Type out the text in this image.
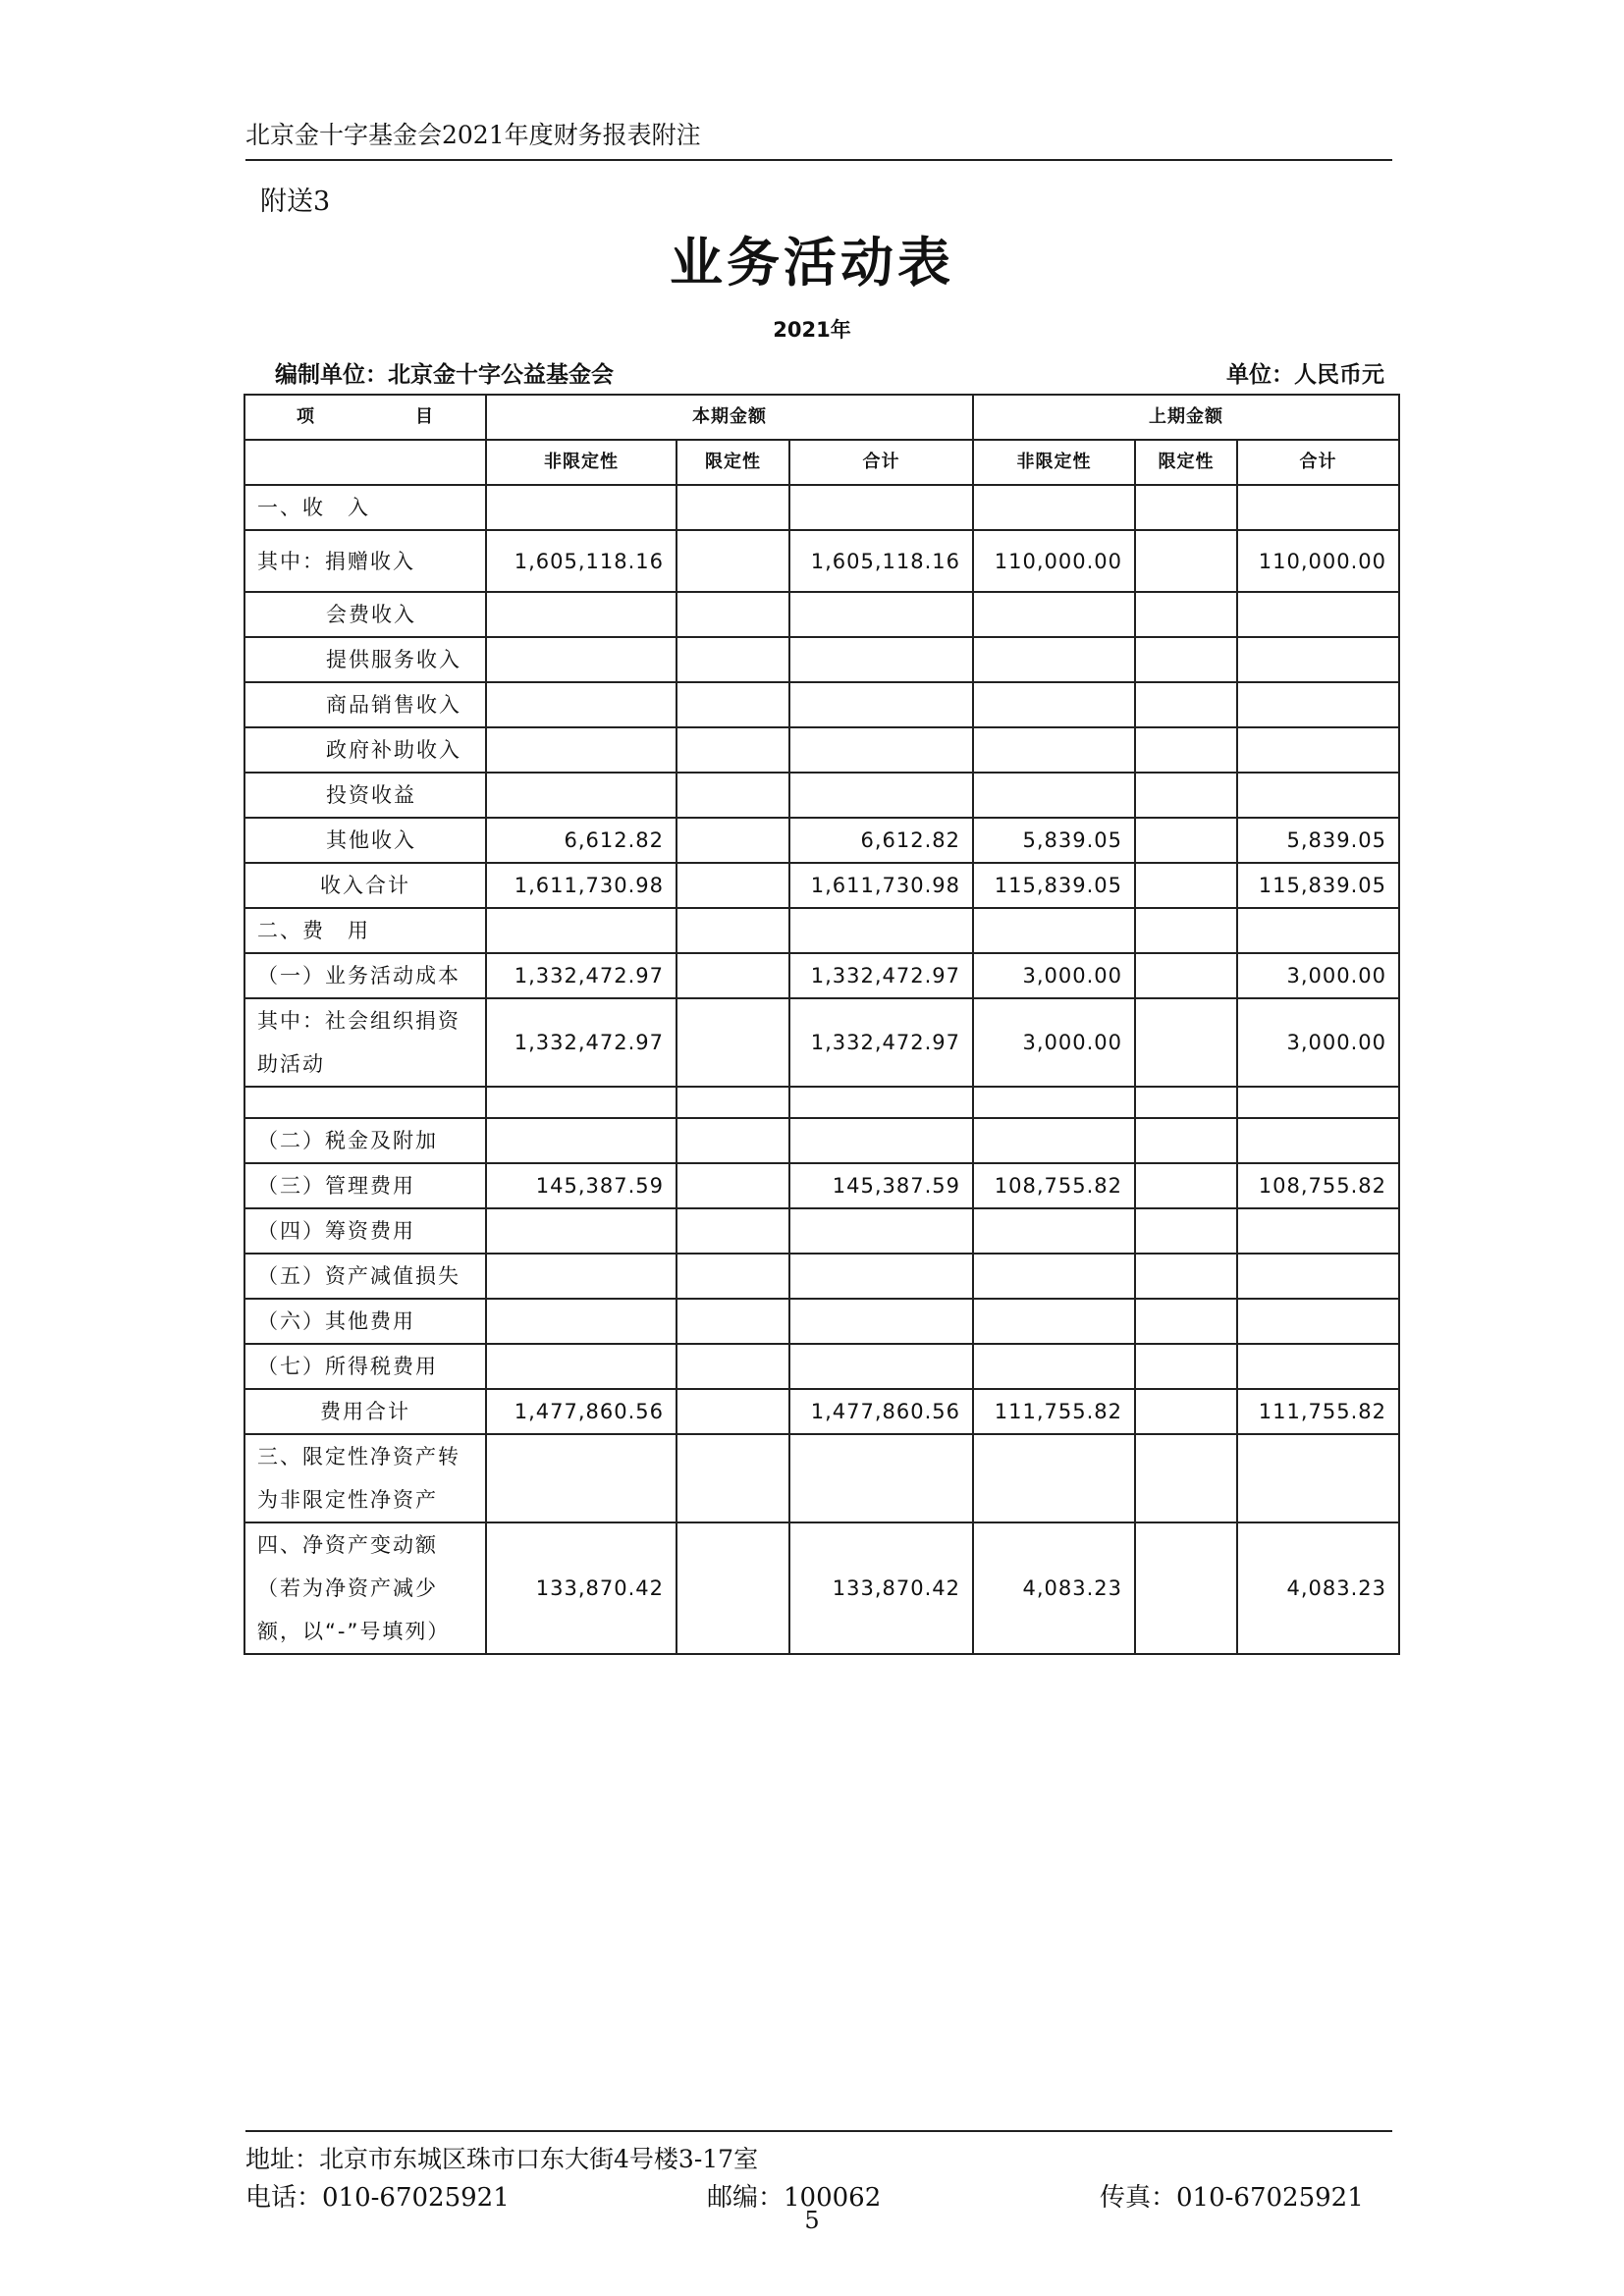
北京金十字基金会2021年度财务报表附注
附送3
业务活动表
2021年
编制单位：北京金十字公益基金会	单位：人民币元
项 目	本期金额			上期金额		
	非限定性	限定性	合计	非限定性	限定性	合计
一、收　入						
其中：捐赠收入	1,605,118.16		1,605,118.16	110,000.00		110,000.00
会费收入						
提供服务收入						
商品销售收入						
政府补助收入						
投资收益						
其他收入	6,612.82		6,612.82	5,839.05		5,839.05
收入合计	1,611,730.98		1,611,730.98	115,839.05		115,839.05
二、费　用						
（一）业务活动成本	1,332,472.97		1,332,472.97	3,000.00		3,000.00
其中：社会组织捐资助活动	1,332,472.97		1,332,472.97	3,000.00		3,000.00

（二）税金及附加						
（三）管理费用	145,387.59		145,387.59	108,755.82		108,755.82
（四）筹资费用						
（五）资产减值损失						
（六）其他费用						
（七）所得税费用						
费用合计	1,477,860.56		1,477,860.56	111,755.82		111,755.82
三、限定性净资产转为非限定性净资产						
四、净资产变动额（若为净资产减少额，以“-”号填列）	133,870.42		133,870.42	4,083.23		4,083.23
地址：北京市东城区珠市口东大街4号楼3-17室
电话：010-67025921	邮编：100062	传真：010-67025921
5
